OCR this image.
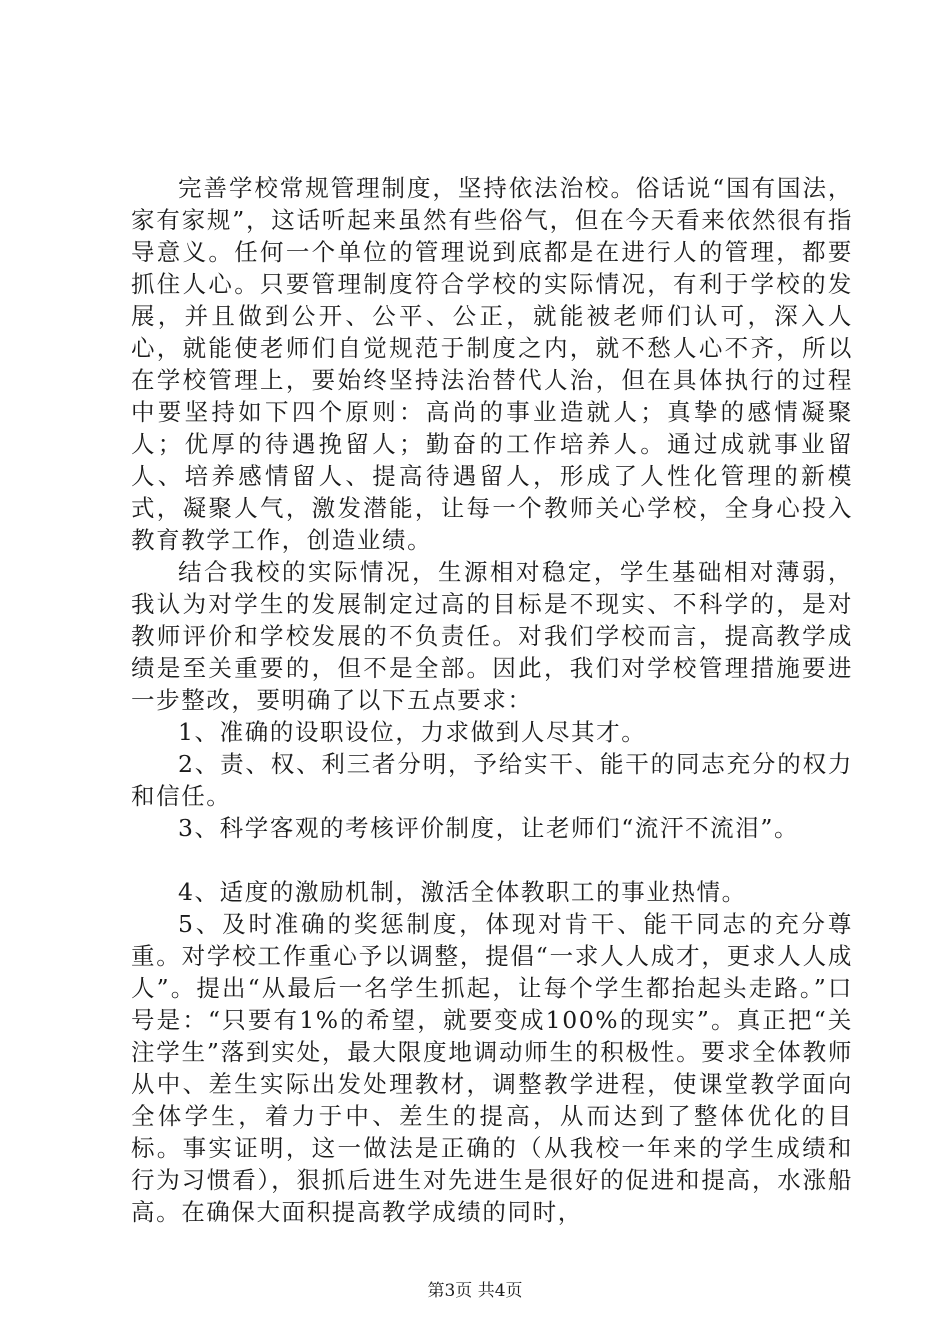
完善学校常规管理制度，坚持依法治校。俗话说“国有国法，家有家规”，这话听起来虽然有些俗气，但在今天看来依然很有指导意义。任何一个单位的管理说到底都是在进行人的管理，都要抓住人心。只要管理制度符合学校的实际情况，有利于学校的发展，并且做到公开、公平、公正，就能被老师们认可，深入人心，就能使老师们自觉规范于制度之内，就不愁人心不齐，所以在学校管理上，要始终坚持法治替代人治，但在具体执行的过程中要坚持如下四个原则：高尚的事业造就人；真挚的感情凝聚人；优厚的待遇挽留人；勤奋的工作培养人。通过成就事业留人、培养感情留人、提高待遇留人，形成了人性化管理的新模式，凝聚人气，激发潜能，让每一个教师关心学校，全身心投入教育教学工作，创造业绩。

结合我校的实际情况，生源相对稳定，学生基础相对薄弱，我认为对学生的发展制定过高的目标是不现实、不科学的，是对教师评价和学校发展的不负责任。对我们学校而言，提高教学成绩是至关重要的，但不是全部。因此，我们对学校管理措施要进一步整改，要明确了以下五点要求：

1、准确的设职设位，力求做到人尽其才。

2、责、权、利三者分明，予给实干、能干的同志充分的权力和信任。

3、科学客观的考核评价制度，让老师们“流汗不流泪”。

4、适度的激励机制，激活全体教职工的事业热情。

5、及时准确的奖惩制度，体现对肯干、能干同志的充分尊重。对学校工作重心予以调整，提倡“一求人人成才，更求人人成人”。提出“从最后一名学生抓起，让每个学生都抬起头走路。”口号是：“只要有1%的希望，就要变成100%的现实”。真正把“关注学生”落到实处，最大限度地调动师生的积极性。要求全体教师从中、差生实际出发处理教材，调整教学进程，使课堂教学面向全体学生，着力于中、差生的提高，从而达到了整体优化的目标。事实证明，这一做法是正确的（从我校一年来的学生成绩和行为习惯看），狠抓后进生对先进生是很好的促进和提高，水涨船高。在确保大面积提高教学成绩的同时，

第3页 共4页
